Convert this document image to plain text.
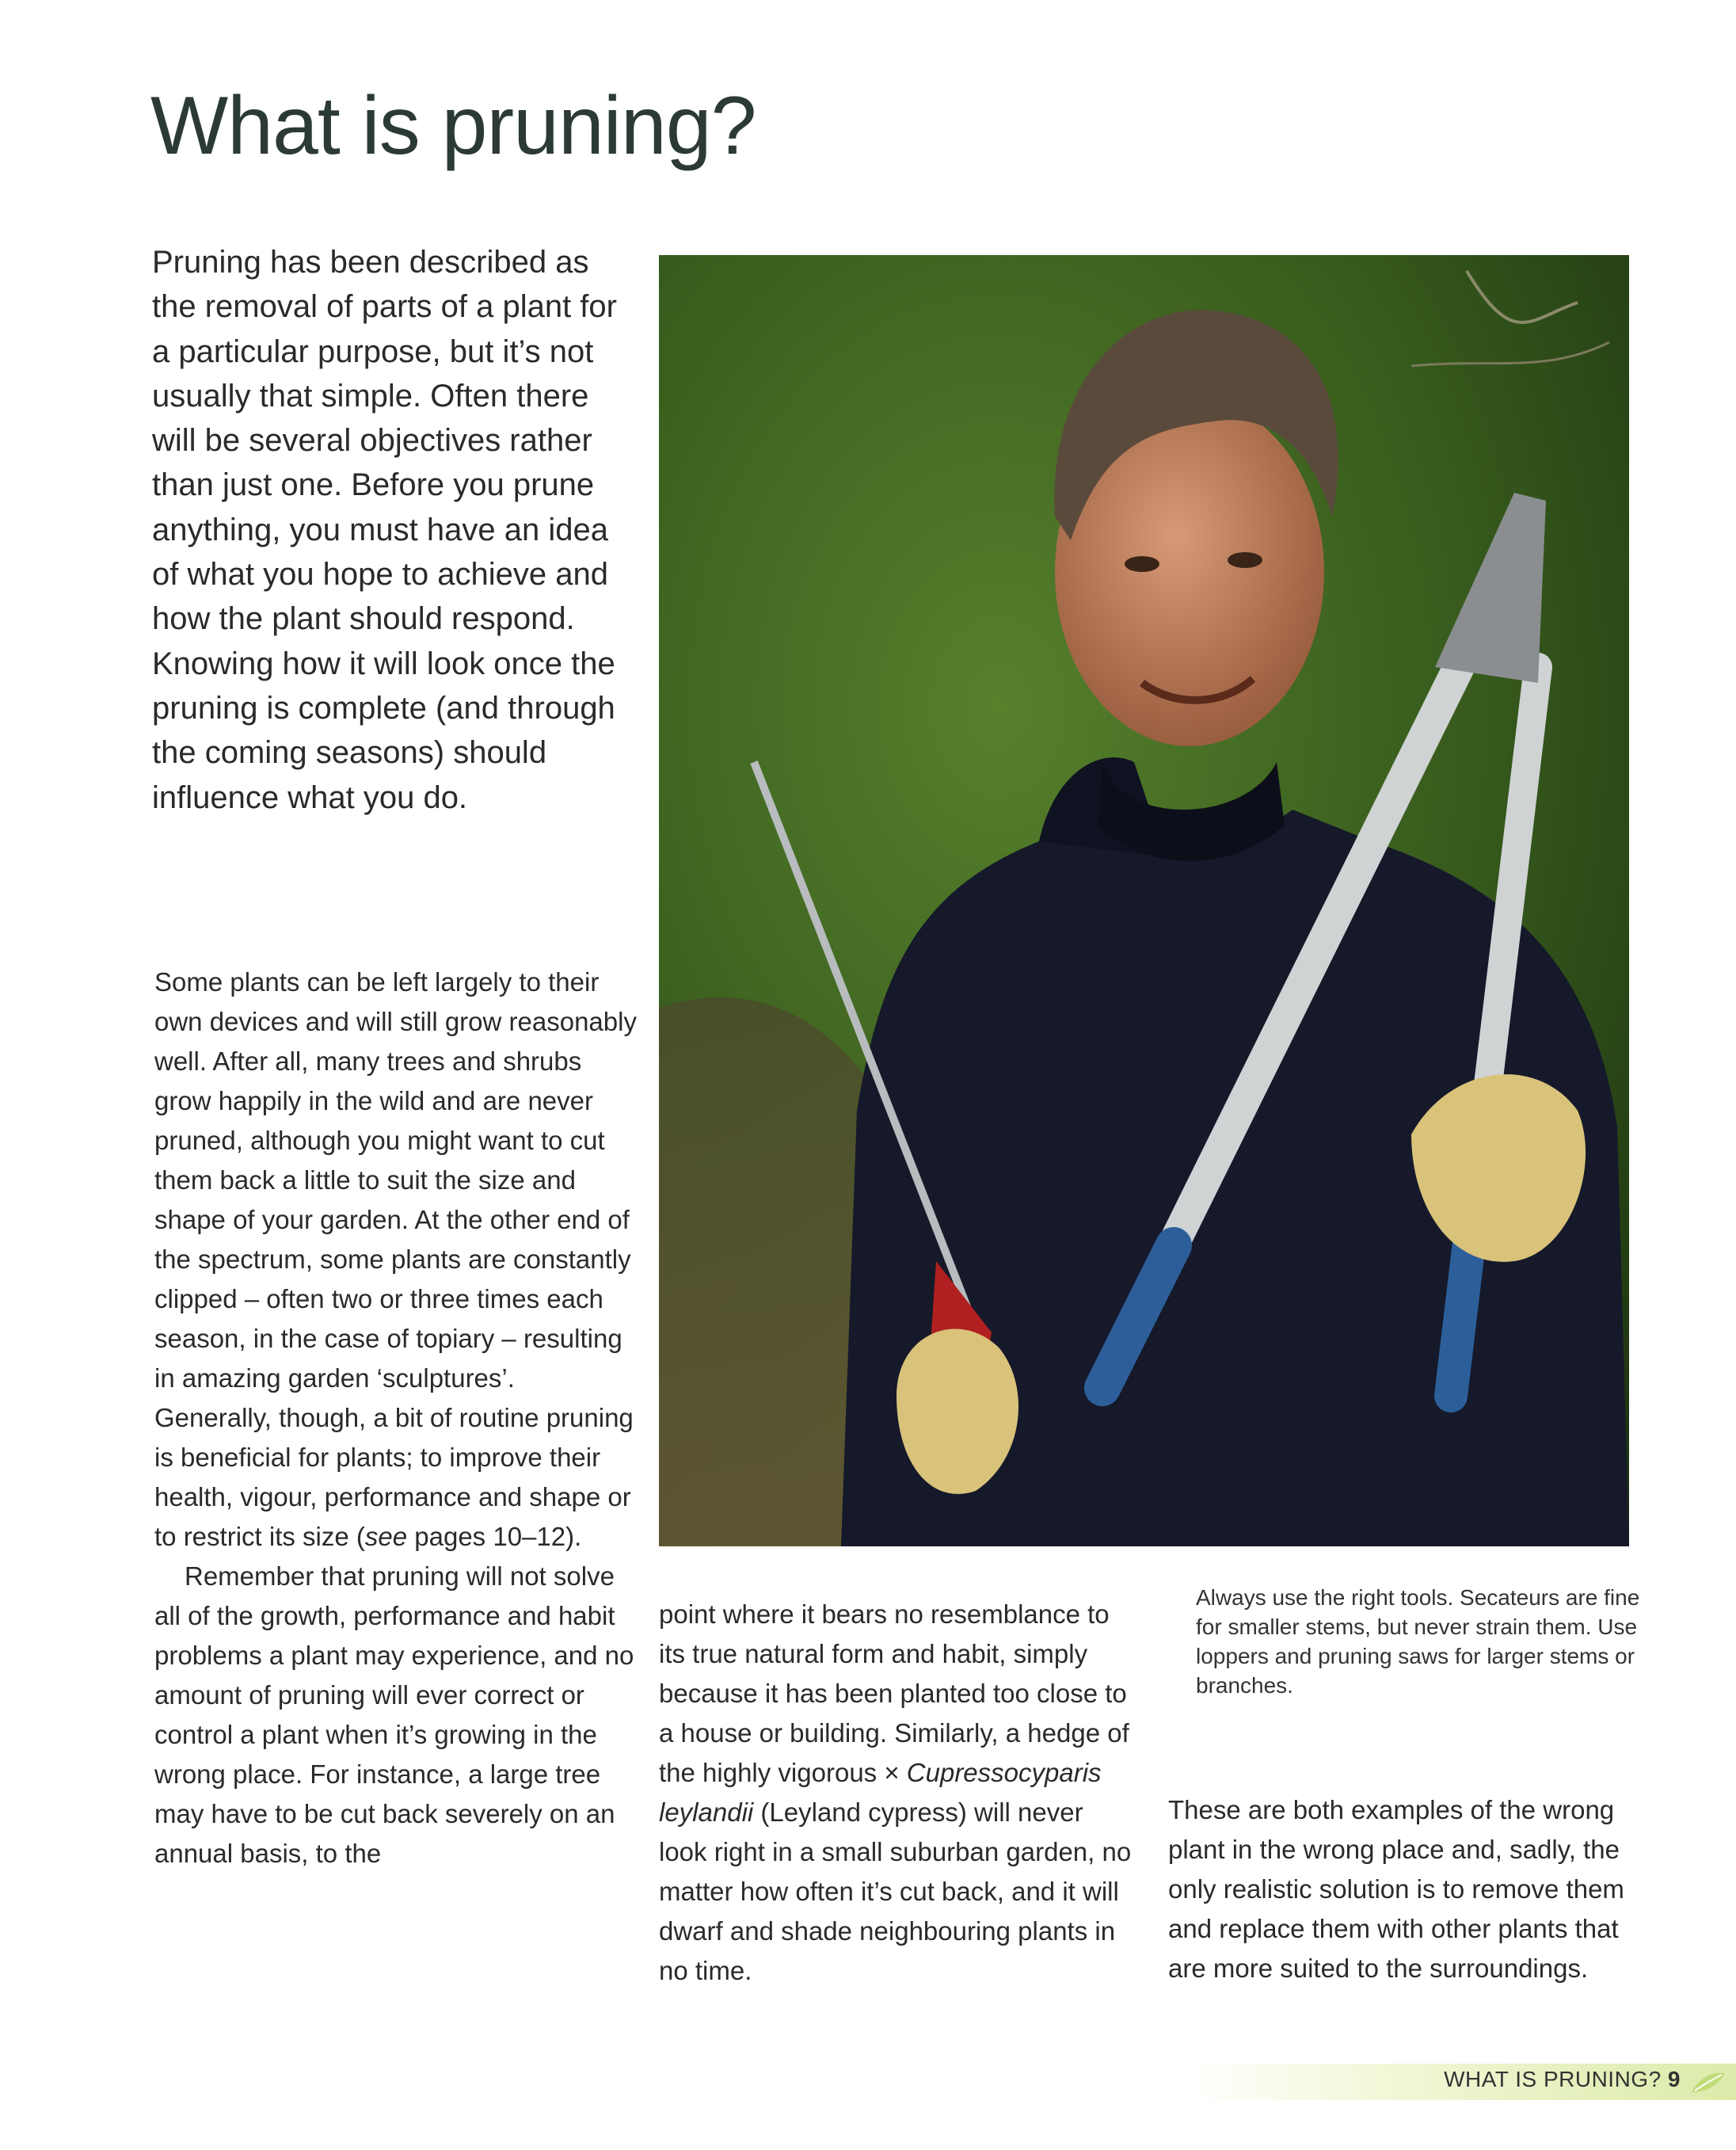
What is pruning?

Pruning has been described as the removal of parts of a plant for a particular purpose, but it’s not usually that simple. Often there will be several objectives rather than just one. Before you prune anything, you must have an idea of what you hope to achieve and how the plant should respond. Knowing how it will look once the pruning is complete (and through the coming seasons) should influence what you do.

Some plants can be left largely to their own devices and will still grow reasonably well. After all, many trees and shrubs grow happily in the wild and are never pruned, although you might want to cut them back a little to suit the size and shape of your garden. At the other end of the spectrum, some plants are constantly clipped – often two or three times each season, in the case of topiary – resulting in amazing garden ‘sculptures’. Generally, though, a bit of routine pruning is beneficial for plants; to improve their health, vigour, performance and shape or to restrict its size (see pages 10–12).

Remember that pruning will not solve all of the growth, performance and habit problems a plant may experience, and no amount of pruning will ever correct or control a plant when it’s growing in the wrong place. For instance, a large tree may have to be cut back severely on an annual basis, to the

point where it bears no resemblance to its true natural form and habit, simply because it has been planted too close to a house or building. Similarly, a hedge of the highly vigorous × Cupressocyparis leylandii (Leyland cypress) will never look right in a small suburban garden, no matter how often it’s cut back, and it will dwarf and shade neighbouring plants in no time.

Always use the right tools. Secateurs are fine for smaller stems, but never strain them. Use loppers and pruning saws for larger stems or branches.

These are both examples of the wrong plant in the wrong place and, sadly, the only realistic solution is to remove them and replace them with other plants that are more suited to the surroundings.

WHAT IS PRUNING? 9
